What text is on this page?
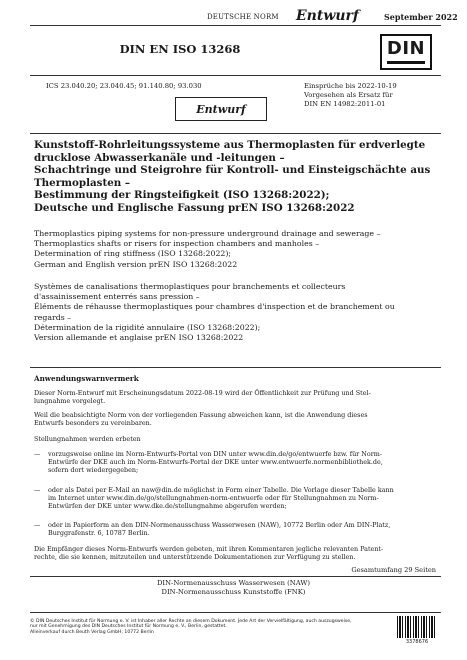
DEUTSCHE NORM Entwurf	September 2022
DIN EN ISO 13268	DIN
ICS 23.040.20; 23.040.45; 91.140.80; 93.030	Einsprüche bis 2022-10-19
Vorgesehen als Ersatz für
DIN EN 14982:2011-01
Entwurf
Kunststoff-Rohrleitungssysteme aus Thermoplasten für erdverlegte
drucklose Abwasserkanäle und -leitungen –
Schachtringe und Steigrohre für Kontroll- und Einsteigschächte aus
Thermoplasten –
Bestimmung der Ringsteifigkeit (ISO 13268:2022);
Deutsche und Englische Fassung prEN ISO 13268:2022
Thermoplastics piping systems for non-pressure underground drainage and sewerage –
Thermoplastics shafts or risers for inspection chambers and manholes –
Determination of ring stiffness (ISO 13268:2022);
German and English version prEN ISO 13268:2022
Systèmes de canalisations thermoplastiques pour branchements et collecteurs
d'assainissement enterrés sans pression –
Éléments de réhausse thermoplastiques pour chambres d'inspection et de branchement ou
regards –
Détermination de la rigidité annulaire (ISO 13268:2022);
Version allemande et anglaise prEN ISO 13268:2022
Anwendungswarnvermerk
Dieser Norm-Entwurf mit Erscheinungsdatum 2022-08-19 wird der Öffentlichkeit zur Prüfung und Stel-
lungnahme vorgelegt.
Weil die beabsichtigte Norm von der vorliegenden Fassung abweichen kann, ist die Anwendung dieses
Entwurfs besonders zu vereinbaren.
Stellungnahmen werden erbeten
— vorzugsweise online im Norm-Entwurfs-Portal von DIN unter www.din.de/go/entwuerfe bzw. für Norm-
Entwürfe der DKE auch im Norm-Entwurfs-Portal der DKE unter www.entwuerfe.normenbibliothek.de,
sofern dort wiedergegeben;
— oder als Datei per E-Mail an naw@din.de möglichst in Form einer Tabelle. Die Vorlage dieser Tabelle kann
im Internet unter www.din.de/go/stellungnahmen-norm-entwuerfe oder für Stellungnahmen zu Norm-
Entwürfen der DKE unter www.dke.de/stellungnahme abgerufen werden;
— oder in Papierform an den DIN-Normenausschuss Wasserwesen (NAW), 10772 Berlin oder Am DIN-Platz,
Burggrafenstr. 6, 10787 Berlin.
Die Empfänger dieses Norm-Entwurfs werden gebeten, mit ihren Kommentaren jegliche relevanten Patent-
rechte, die sie kennen, mitzuteilen und unterstützende Dokumentationen zur Verfügung zu stellen.
Gesamtumfang 29 Seiten
DIN-Normenausschuss Wasserwesen (NAW)
DIN-Normenausschuss Kunststoffe (FNK)
© DIN Deutsches Institut für Normung e. V. ist Inhaber aller Rechte an diesem Dokument. Jede Art der Vervielfältigung, auch auszugsweise,
nur mit Genehmigung des DIN Deutsches Institut für Normung e. V., Berlin, gestattet.
Alleinverkauf durch Beuth Verlag GmbH, 10772 Berlin
3378676
